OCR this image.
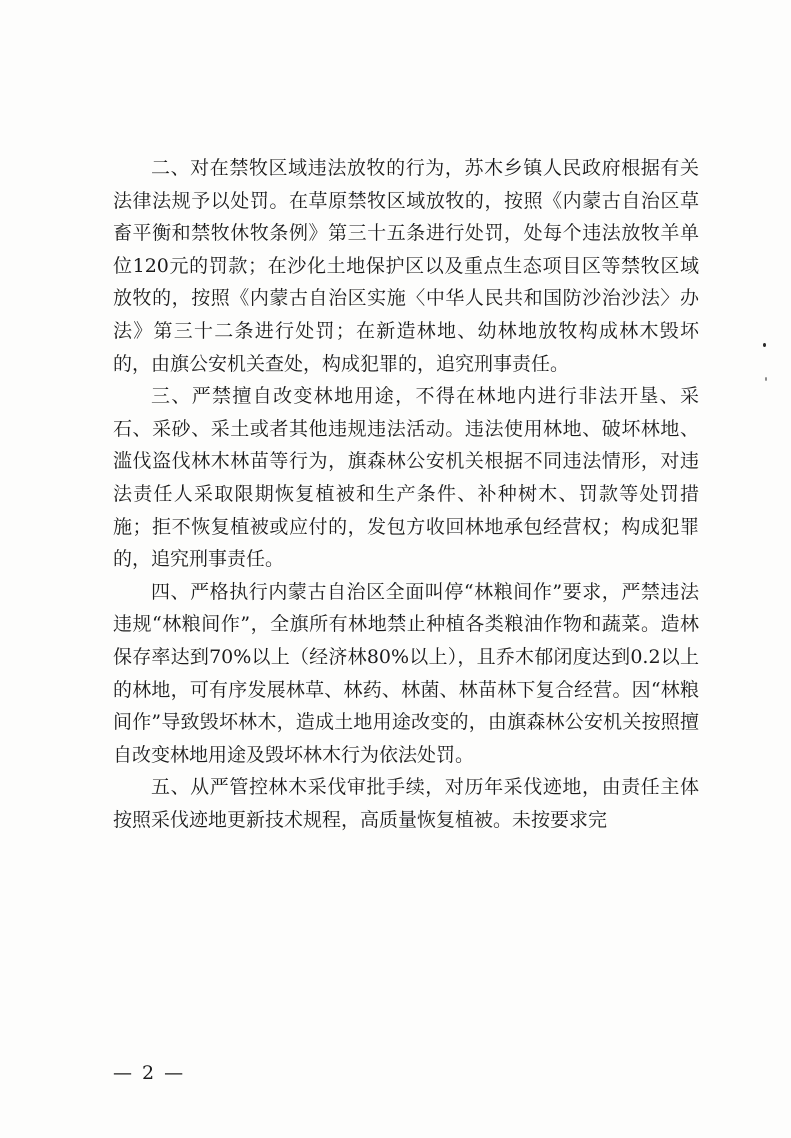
二、对在禁牧区域违法放牧的行为，苏木乡镇人民政府根据有关法律法规予以处罚。在草原禁牧区域放牧的，按照《内蒙古自治区草畜平衡和禁牧休牧条例》第三十五条进行处罚，处每个违法放牧羊单位120元的罚款；在沙化土地保护区以及重点生态项目区等禁牧区域放牧的，按照《内蒙古自治区实施〈中华人民共和国防沙治沙法〉办法》第三十二条进行处罚；在新造林地、幼林地放牧构成林木毁坏的，由旗公安机关查处，构成犯罪的，追究刑事责任。

三、严禁擅自改变林地用途，不得在林地内进行非法开垦、采石、采砂、采土或者其他违规违法活动。违法使用林地、破坏林地、滥伐盗伐林木林苗等行为，旗森林公安机关根据不同违法情形，对违法责任人采取限期恢复植被和生产条件、补种树木、罚款等处罚措施；拒不恢复植被或应付的，发包方收回林地承包经营权；构成犯罪的，追究刑事责任。

四、严格执行内蒙古自治区全面叫停“林粮间作”要求，严禁违法违规“林粮间作”，全旗所有林地禁止种植各类粮油作物和蔬菜。造林保存率达到70%以上（经济林80%以上），且乔木郁闭度达到0.2以上的林地，可有序发展林草、林药、林菌、林苗林下复合经营。因“林粮间作”导致毁坏林木，造成土地用途改变的，由旗森林公安机关按照擅自改变林地用途及毁坏林木行为依法处罚。

五、从严管控林木采伐审批手续，对历年采伐迹地，由责任主体按照采伐迹地更新技术规程，高质量恢复植被。未按要求完

— 2 —
